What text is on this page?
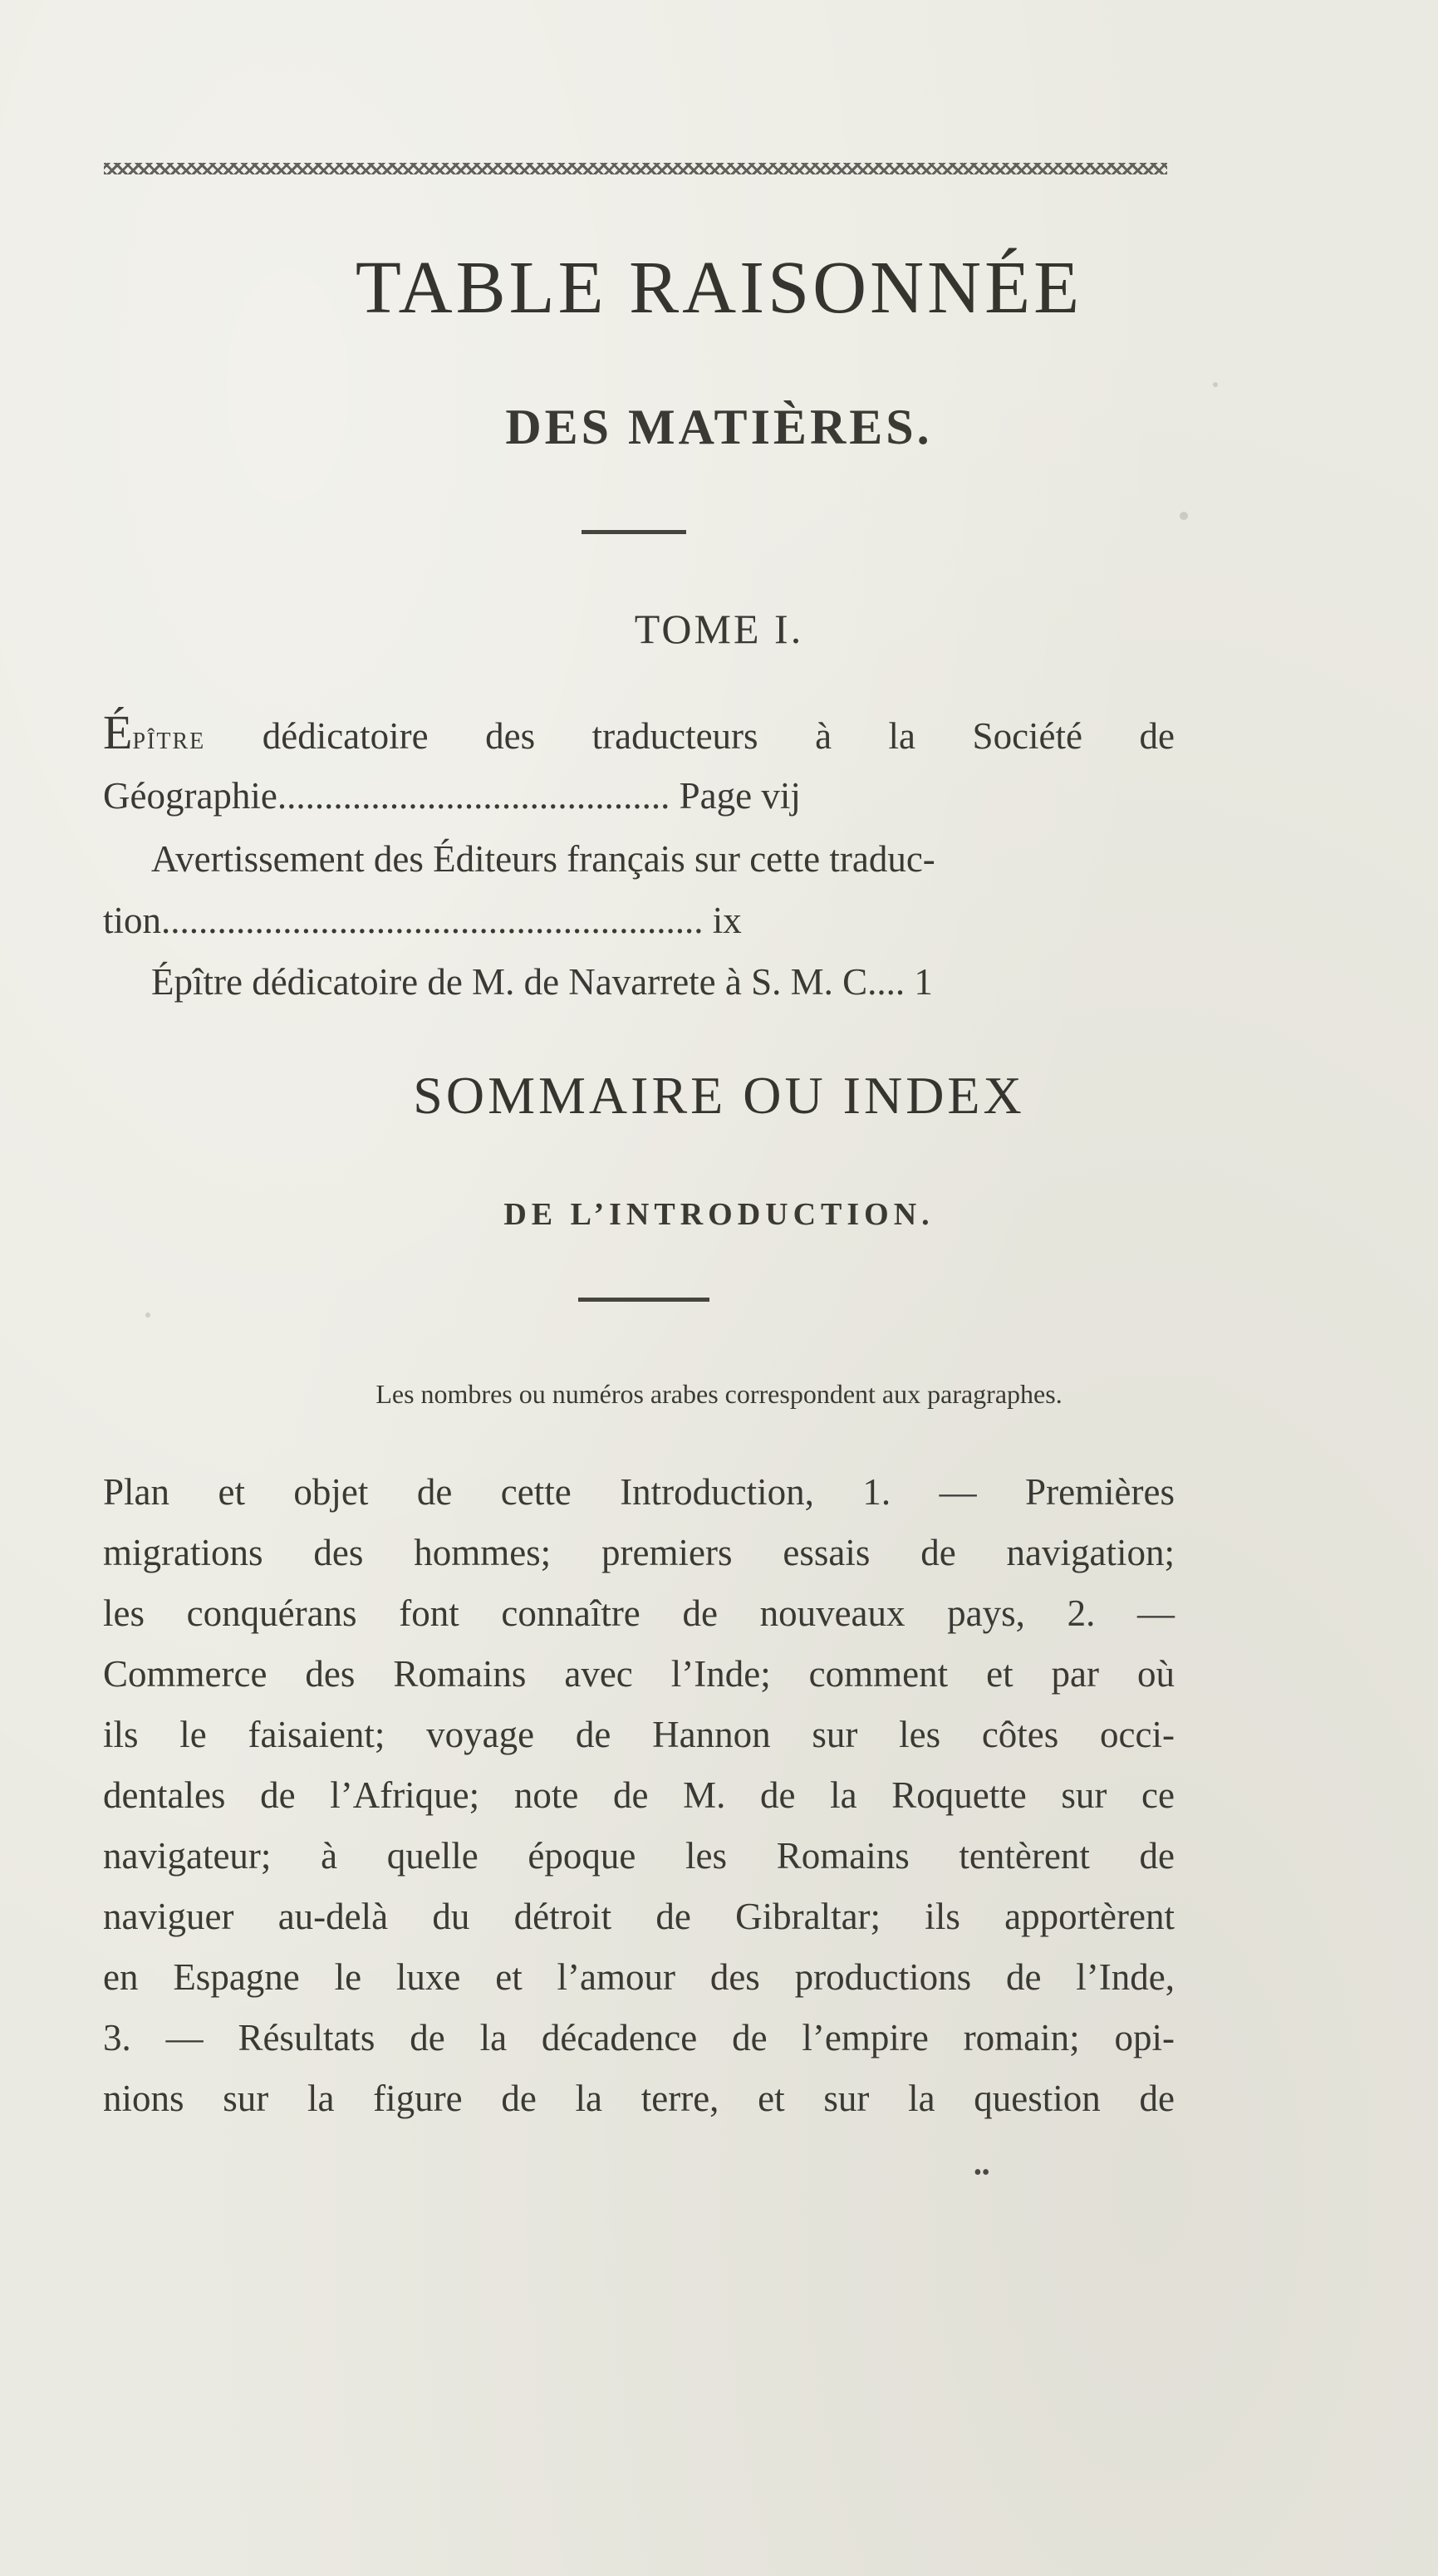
TABLE RAISONNÉE
DES MATIÈRES.
TOME I.
ÉPÎTRE dédicatoire des traducteurs à la Société de
Géographie.......................................... Page vij
Avertissement des Éditeurs français sur cette traduc-
tion.......................................................... ix
Épître dédicatoire de M. de Navarrete à S. M. C.... 1
SOMMAIRE OU INDEX
DE L’INTRODUCTION.
Les nombres ou numéros arabes correspondent aux paragraphes.
Plan et objet de cette Introduction, 1. — Premières
migrations des hommes; premiers essais de navigation;
les conquérans font connaître de nouveaux pays, 2. —
Commerce des Romains avec l’Inde; comment et par où
ils le faisaient; voyage de Hannon sur les côtes occi-
dentales de l’Afrique; note de M. de la Roquette sur ce
navigateur; à quelle époque les Romains tentèrent de
naviguer au-delà du détroit de Gibraltar; ils apportèrent
en Espagne le luxe et l’amour des productions de l’Inde,
3. — Résultats de la décadence de l’empire romain; opi-
nions sur la figure de la terre, et sur la question de
••
